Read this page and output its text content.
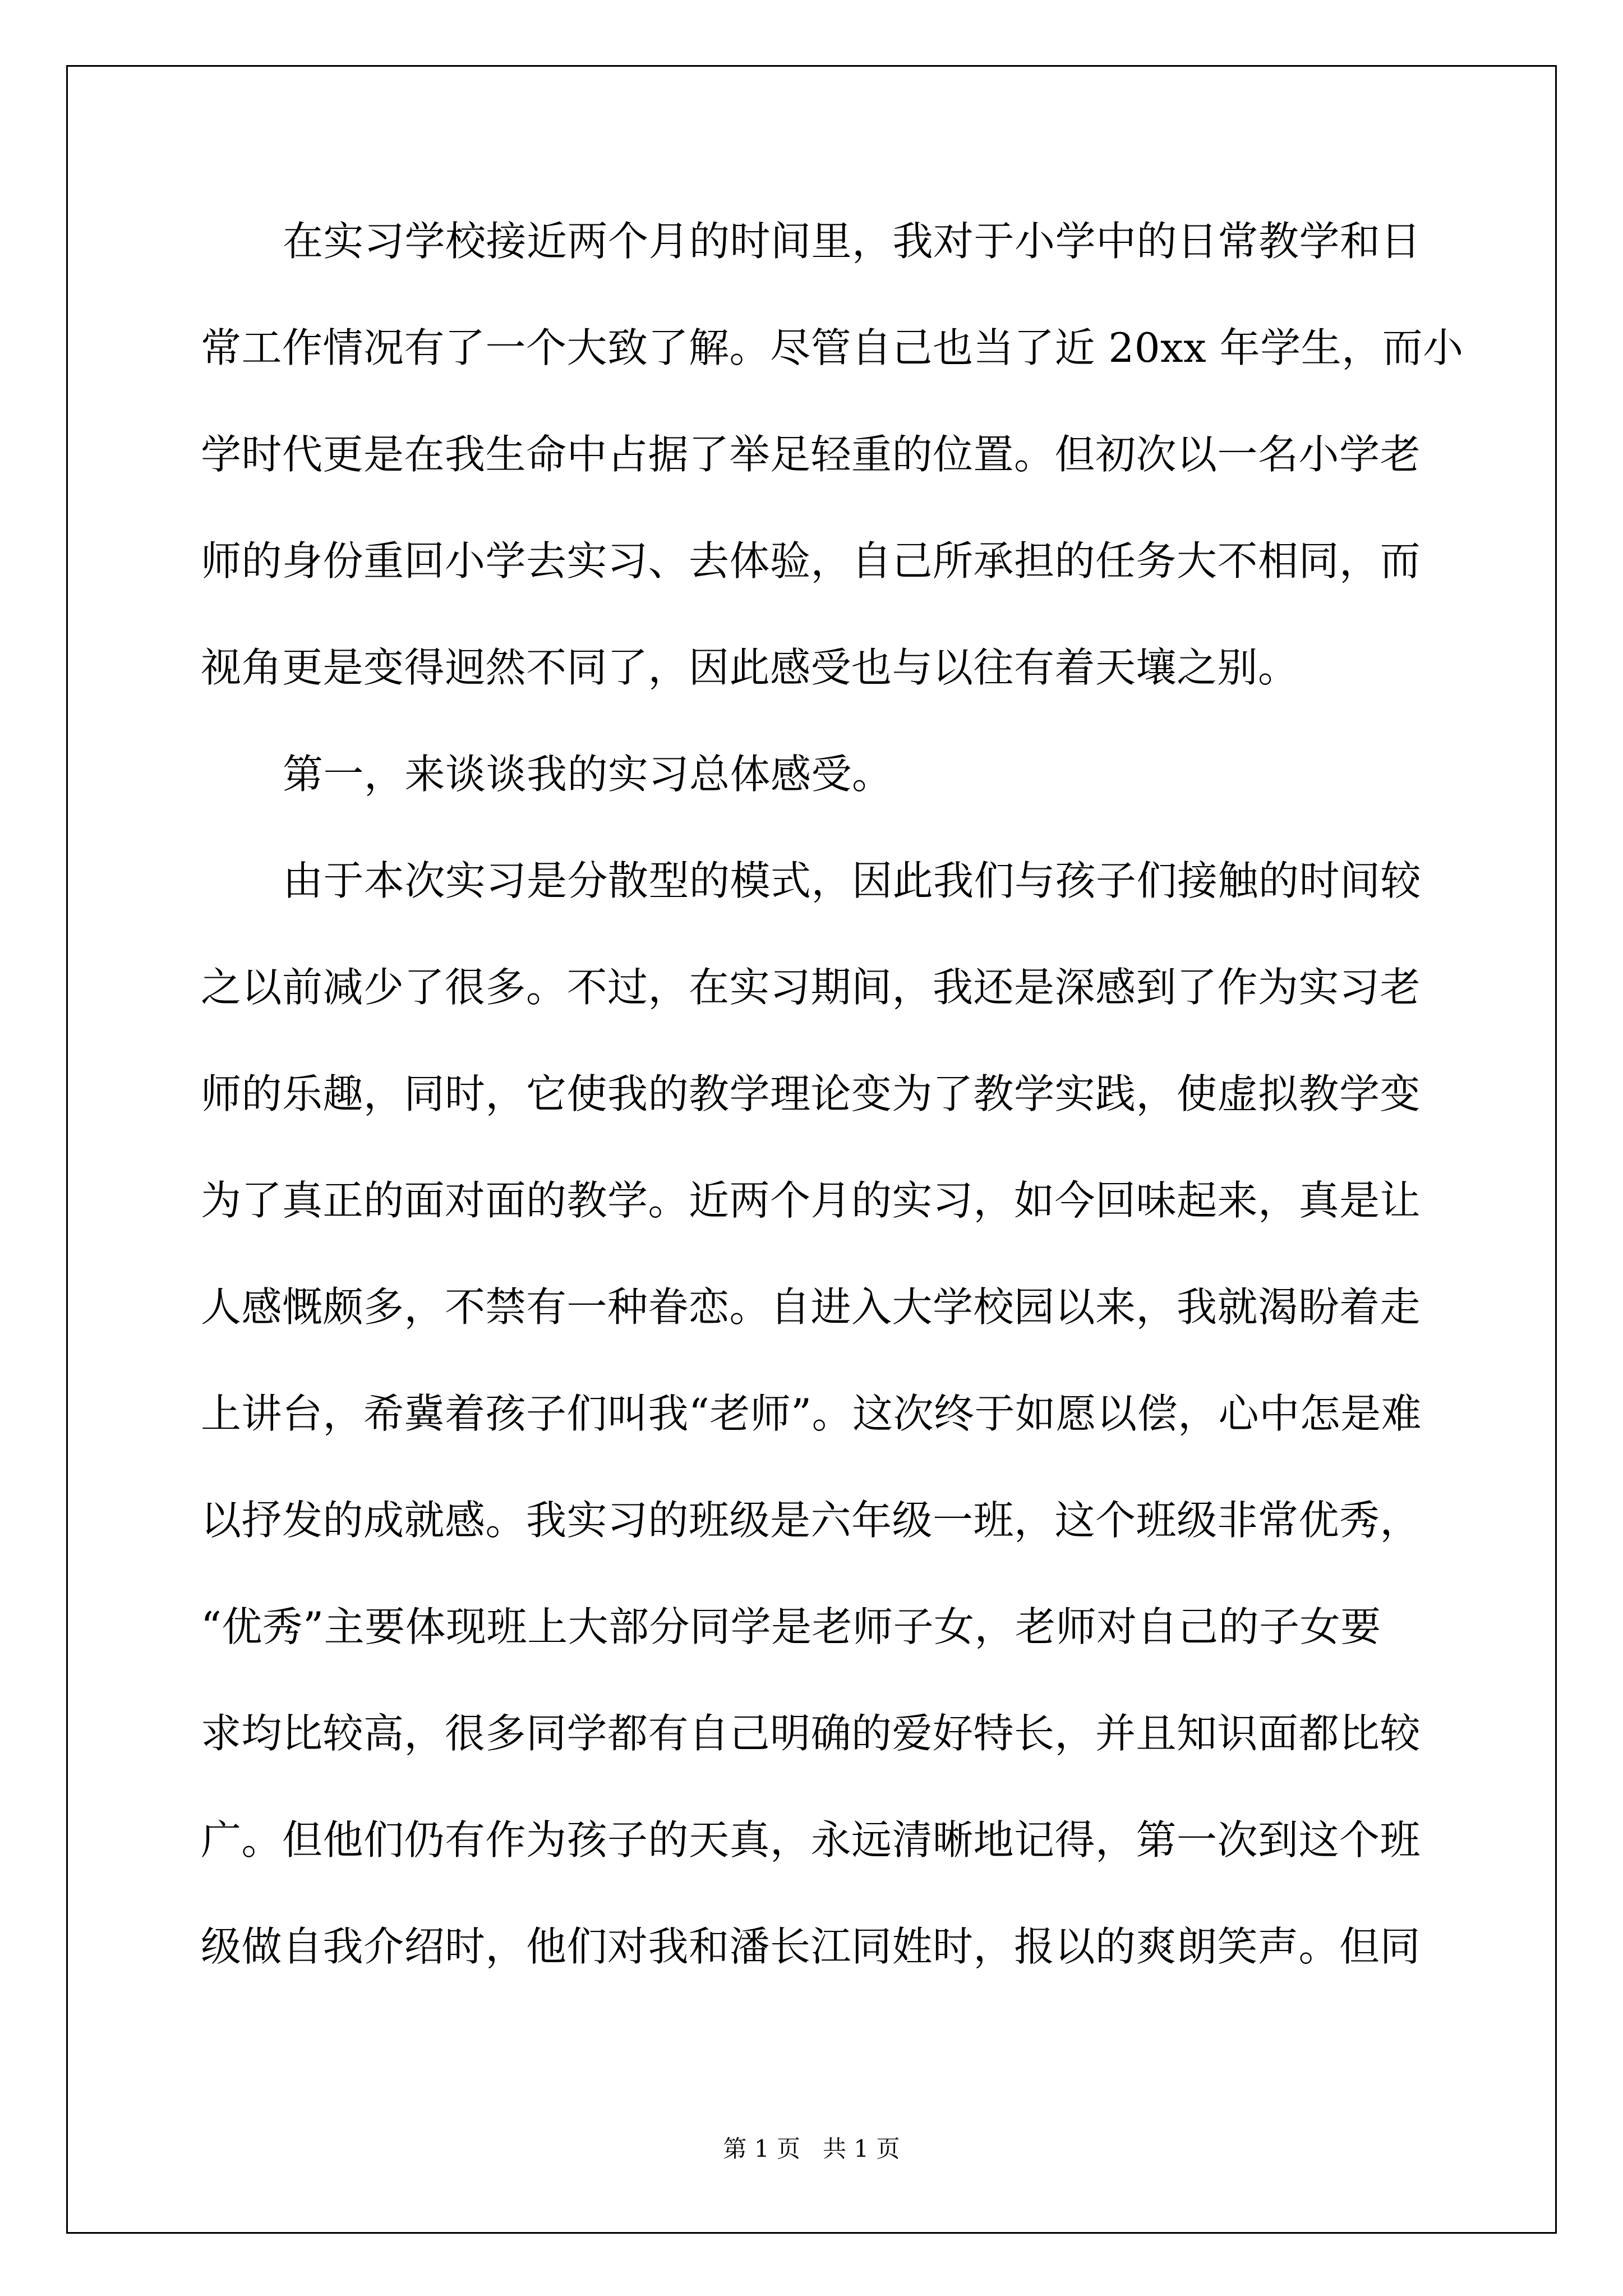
在实习学校接近两个月的时间里，我对于小学中的日常教学和日
常工作情况有了一个大致了解。尽管自己也当了近 20xx 年学生，而小
学时代更是在我生命中占据了举足轻重的位置。但初次以一名小学老
师的身份重回小学去实习、去体验，自己所承担的任务大不相同，而
视角更是变得迥然不同了，因此感受也与以往有着天壤之别。
第一，来谈谈我的实习总体感受。
由于本次实习是分散型的模式，因此我们与孩子们接触的时间较
之以前减少了很多。不过，在实习期间，我还是深感到了作为实习老
师的乐趣，同时，它使我的教学理论变为了教学实践，使虚拟教学变
为了真正的面对面的教学。近两个月的实习，如今回味起来，真是让
人感慨颇多，不禁有一种眷恋。自进入大学校园以来，我就渴盼着走
上讲台，希冀着孩子们叫我“老师”。这次终于如愿以偿，心中怎是难
以抒发的成就感。我实习的班级是六年级一班，这个班级非常优秀，
“优秀”主要体现班上大部分同学是老师子女，老师对自己的子女要
求均比较高，很多同学都有自己明确的爱好特长，并且知识面都比较
广。但他们仍有作为孩子的天真，永远清晰地记得，第一次到这个班
级做自我介绍时，他们对我和潘长江同姓时，报以的爽朗笑声。但同
第 1 页   共 1 页
